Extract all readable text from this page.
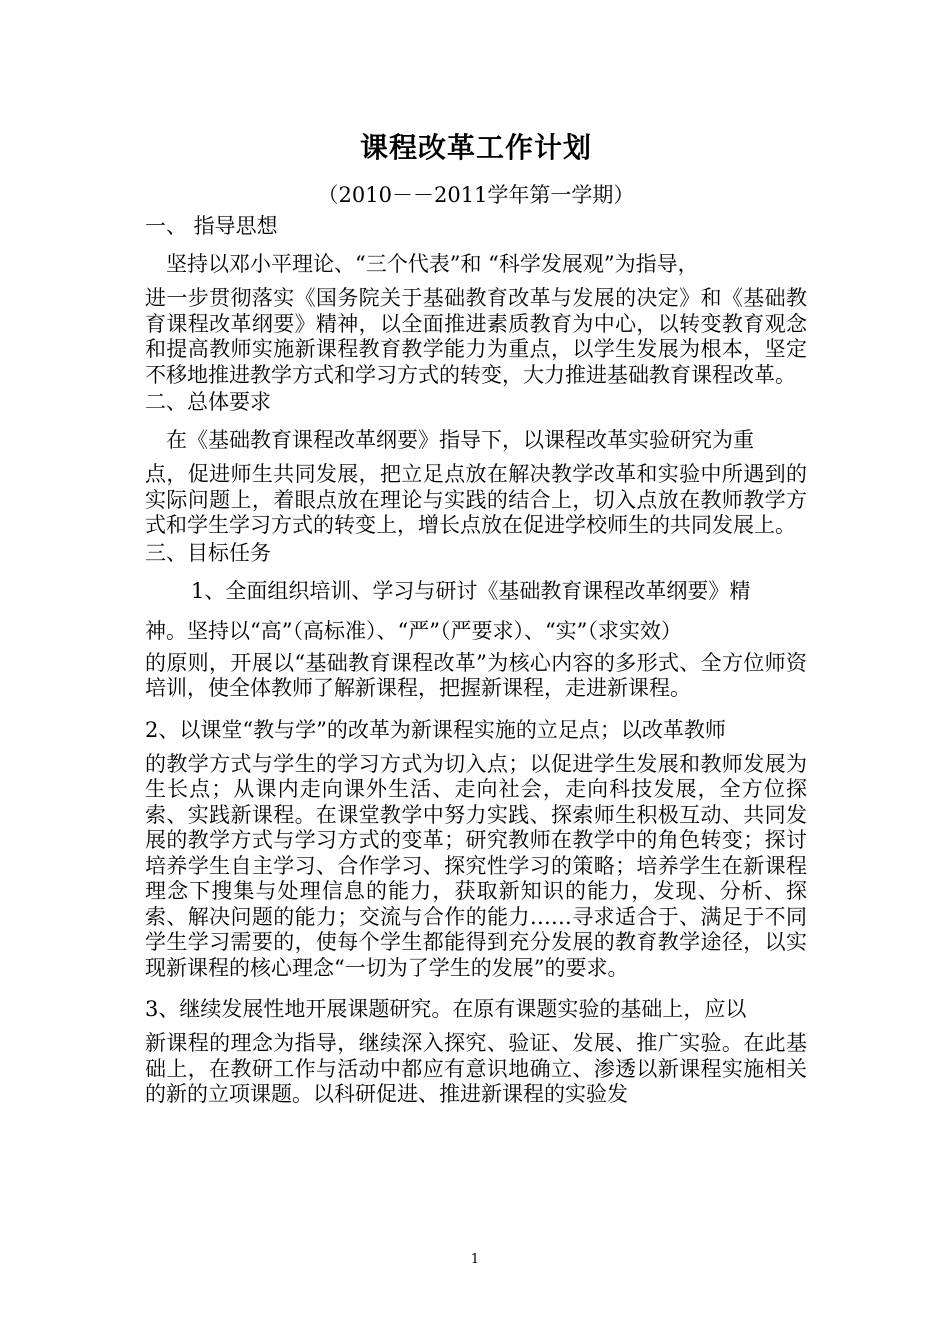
课程改革工作计划
（2010－－2011学年第一学期）
一、 指导思想
坚持以邓小平理论、“三个代表”和 “科学发展观”为指导，
进一步贯彻落实《国务院关于基础教育改革与发展的决定》和《基础教育课程改革纲要》精神，以全面推进素质教育为中心，以转变教育观念和提高教师实施新课程教育教学能力为重点，以学生发展为根本，坚定不移地推进教学方式和学习方式的转变，大力推进基础教育课程改革。
二、总体要求
在《基础教育课程改革纲要》指导下，以课程改革实验研究为重
点，促进师生共同发展，把立足点放在解决教学改革和实验中所遇到的实际问题上，着眼点放在理论与实践的结合上，切入点放在教师教学方式和学生学习方式的转变上，增长点放在促进学校师生的共同发展上。
三、目标任务
1、全面组织培训、学习与研讨《基础教育课程改革纲要》精
神。坚持以“高”（高标准）、“严”（严要求）、“实”（求实效）
的原则，开展以“基础教育课程改革”为核心内容的多形式、全方位师资培训，使全体教师了解新课程，把握新课程，走进新课程。
2、以课堂“教与学”的改革为新课程实施的立足点；以改革教师
的教学方式与学生的学习方式为切入点；以促进学生发展和教师发展为生长点；从课内走向课外生活、走向社会，走向科技发展，全方位探索、实践新课程。在课堂教学中努力实践、探索师生积极互动、共同发展的教学方式与学习方式的变革；研究教师在教学中的角色转变；探讨培养学生自主学习、合作学习、探究性学习的策略；培养学生在新课程理念下搜集与处理信息的能力，获取新知识的能力，发现、分析、探索、解决问题的能力；交流与合作的能力……寻求适合于、满足于不同学生学习需要的，使每个学生都能得到充分发展的教育教学途径，以实现新课程的核心理念“一切为了学生的发展”的要求。
3、继续发展性地开展课题研究。在原有课题实验的基础上，应以
新课程的理念为指导，继续深入探究、验证、发展、推广实验。在此基础上，在教研工作与活动中都应有意识地确立、渗透以新课程实施相关的新的立项课题。以科研促进、推进新课程的实验发
1
